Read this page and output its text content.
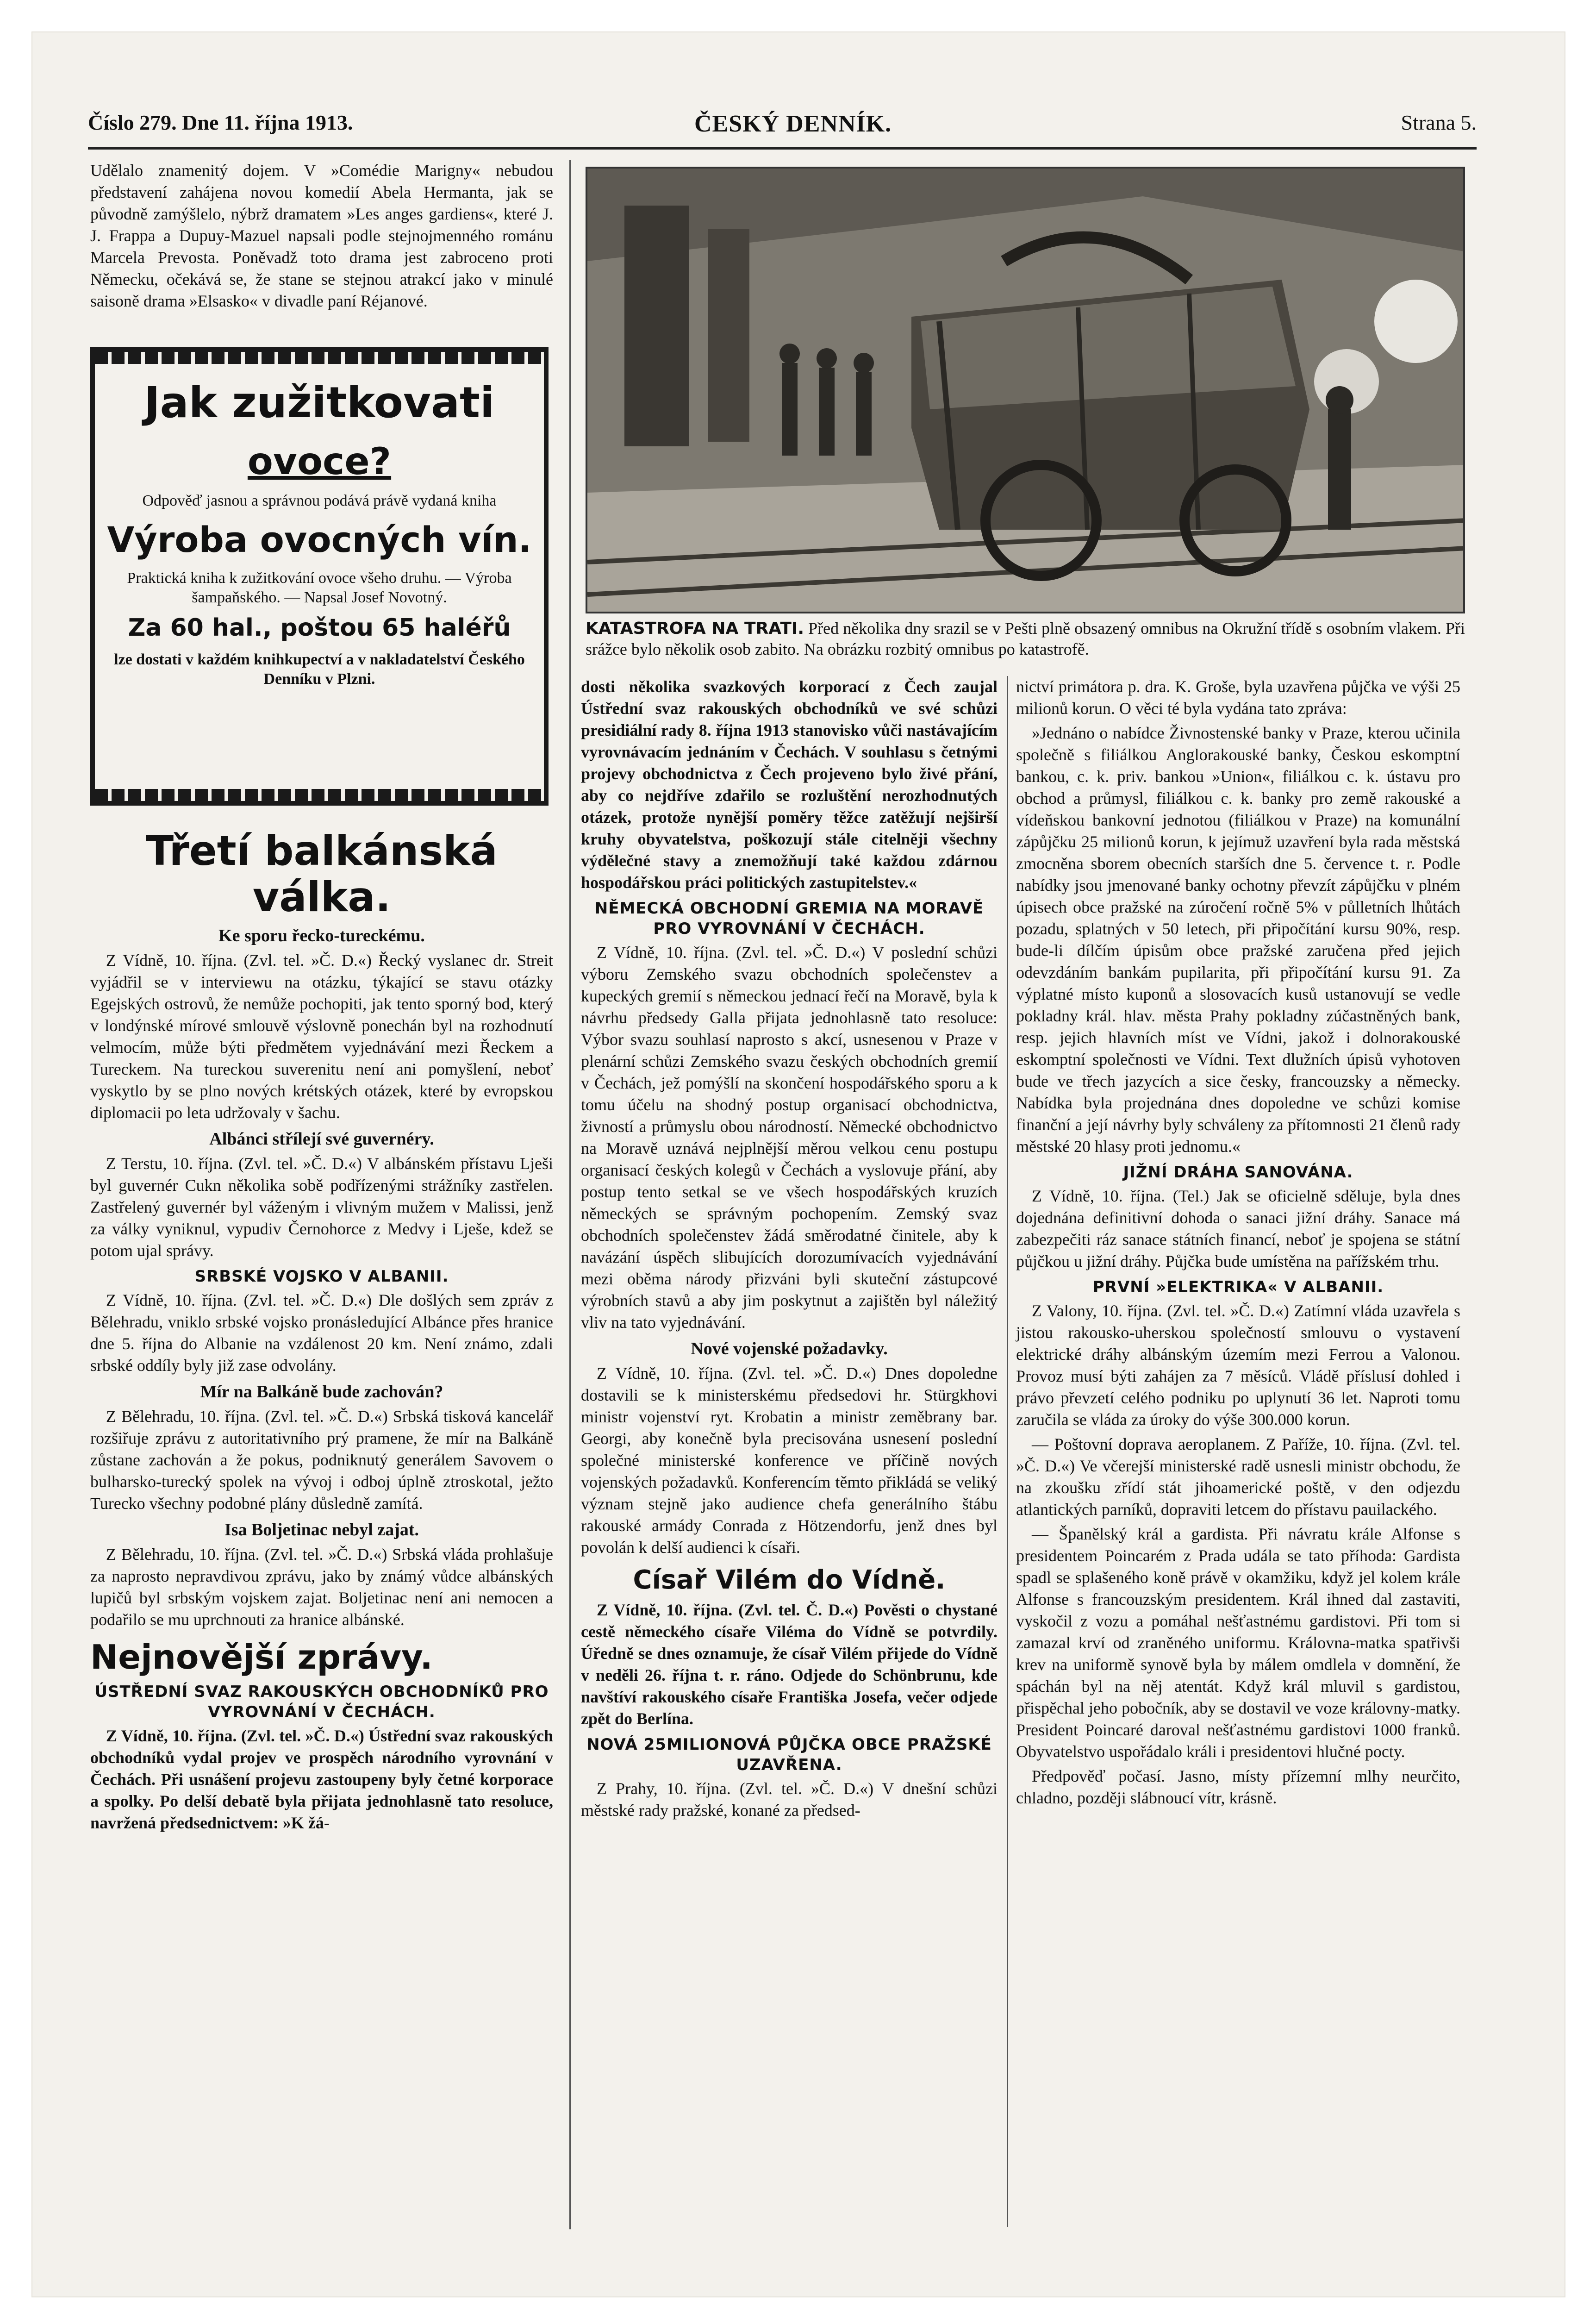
Číslo 279. Dne 11. října 1913.	ČESKÝ DENNÍK.	Strana 5.

Udělalo znamenitý dojem. V »Comédie Marigny« nebudou představení zahájena novou komedií Abela Hermanta, jak se původně zamýšlelo, nýbrž dramatem »Les anges gardiens«, které J. J. Frappa a Dupuy-Mazuel napsali podle stejnojmenného románu Marcela Prevosta. Poněvadž toto drama jest zabroceno proti Německu, očekává se, že stane se stejnou atrakcí jako v minulé saisoně drama »Elsasko« v divadle paní Réjanové.

Jak zužitkovati
ovoce?
Odpověď jasnou a správnou podává právě vydaná kniha
Výroba ovocných vín.
Praktická kniha k zužitkování ovoce všeho druhu. — Výroba šampaňského. — Napsal Josef Novotný.
Za 60 hal., poštou 65 haléřů
lze dostati v každém knihkupectví a v nakladatelství Českého Denníku v Plzni.
Třetí balkánská válka.
Ke sporu řecko-tureckému.

Z Vídně, 10. října. (Zvl. tel. »Č. D.«) Řecký vyslanec dr. Streit vyjádřil se v interviewu na otázku, týkající se stavu otázky Egejských ostrovů, že nemůže pochopiti, jak tento sporný bod, který v londýnské mírové smlouvě výslovně ponechán byl na rozhodnutí velmocím, může býti předmětem vyjednávání mezi Řeckem a Tureckem. Na tureckou suverenitu není ani pomyšlení, neboť vyskytlo by se plno nových krétských otázek, které by evropskou diplomacii po leta udržovaly v šachu.

Albánci střílejí své guvernéry.

Z Terstu, 10. října. (Zvl. tel. »Č. D.«) V albánském přístavu Lješi byl guvernér Cukn několika sobě podřízenými strážníky zastřelen. Zastřelený guvernér byl váženým i vlivným mužem v Malissi, jenž za války vyniknul, vypudiv Černohorce z Medvy i Lješe, kdež se potom ujal správy.

SRBSKÉ VOJSKO V ALBANII.

Z Vídně, 10. října. (Zvl. tel. »Č. D.«) Dle došlých sem zpráv z Bělehradu, vniklo srbské vojsko pronásledující Albánce přes hranice dne 5. října do Albanie na vzdálenost 20 km. Není známo, zdali srbské oddíly byly již zase odvolány.

Mír na Balkáně bude zachován?

Z Bělehradu, 10. října. (Zvl. tel. »Č. D.«) Srbská tisková kancelář rozšiřuje zprávu z autoritativního prý pramene, že mír na Balkáně zůstane zachován a že pokus, podniknutý generálem Savovem o bulharsko-turecký spolek na vývoj i odboj úplně ztroskotal, ježto Turecko všechny podobné plány důsledně zamítá.

Isa Boljetinac nebyl zajat.

Z Bělehradu, 10. října. (Zvl. tel. »Č. D.«) Srbská vláda prohlašuje za naprosto nepravdivou zprávu, jako by známý vůdce albánských lupičů byl srbským vojskem zajat. Boljetinac není ani nemocen a podařilo se mu uprchnouti za hranice albánské.

Nejnovější zprávy.
ÚSTŘEDNÍ SVAZ RAKOUSKÝCH OBCHODNÍKŮ PRO VYROVNÁNÍ V ČECHÁCH.

Z Vídně, 10. října. (Zvl. tel. »Č. D.«) Ústřední svaz rakouských obchodníků vydal projev ve prospěch národního vyrovnání v Čechách. Při usnášení projevu zastoupeny byly četné korporace a spolky. Po delší debatě byla přijata jednohlasně tato resoluce, navržená předsednictvem: »K žá-

KATASTROFA NA TRATI. Před několika dny srazil se v Pešti plně obsazený omnibus na Okružní třídě s osobním vlakem. Při srážce bylo několik osob zabito. Na obrázku rozbitý omnibus po katastrofě.

dosti několika svazkových korporací z Čech zaujal Ústřední svaz rakouských obchodníků ve své schůzi presidiální rady 8. října 1913 stanovisko vůči nastávajícím vyrovnávacím jednáním v Čechách. V souhlasu s četnými projevy obchodnictva z Čech projeveno bylo živé přání, aby co nejdříve zdařilo se rozluštění nerozhodnutých otázek, protože nynější poměry těžce zatěžují nejširší kruhy obyvatelstva, poškozují stále citelněji všechny výdělečné stavy a znemožňují také každou zdárnou hospodářskou práci politických zastupitelstev.«

NĚMECKÁ OBCHODNÍ GREMIA NA MORAVĚ PRO VYROVNÁNÍ V ČECHÁCH.

Z Vídně, 10. října. (Zvl. tel. »Č. D.«) V poslední schůzi výboru Zemského svazu obchodních společenstev a kupeckých gremií s německou jednací řečí na Moravě, byla k návrhu předsedy Galla přijata jednohlasně tato resoluce: Výbor svazu souhlasí naprosto s akcí, usnesenou v Praze v plenární schůzi Zemského svazu českých obchodních gremií v Čechách, jež pomýšlí na skončení hospodářského sporu a k tomu účelu na shodný postup organisací obchodnictva, živností a průmyslu obou národností. Německé obchodnictvo na Moravě uznává nejplnější měrou velkou cenu postupu organisací českých kolegů v Čechách a vyslovuje přání, aby postup tento setkal se ve všech hospodářských kruzích německých se správným pochopením. Zemský svaz obchodních společenstev žádá směrodatné činitele, aby k navázání úspěch slibujících dorozumívacích vyjednávání mezi oběma národy přizváni byli skuteční zástupcové výrobních stavů a aby jim poskytnut a zajištěn byl náležitý vliv na tato vyjednávání.

Nové vojenské požadavky.

Z Vídně, 10. října. (Zvl. tel. »Č. D.«) Dnes dopoledne dostavili se k ministerskému předsedovi hr. Stürgkhovi ministr vojenství ryt. Krobatin a ministr zeměbrany bar. Georgi, aby konečně byla precisována usnesení poslední společné ministerské konference ve příčině nových vojenských požadavků. Konferencím těmto přikládá se veliký význam stejně jako audience chefa generálního štábu rakouské armády Conrada z Hötzendorfu, jenž dnes byl povolán k delší audienci k císaři.

Císař Vilém do Vídně.

Z Vídně, 10. října. (Zvl. tel. Č. D.«) Pověsti o chystané cestě německého císaře Viléma do Vídně se potvrdily. Úředně se dnes oznamuje, že císař Vilém přijede do Vídně v neděli 26. října t. r. ráno. Odjede do Schönbrunu, kde navštíví rakouského císaře Františka Josefa, večer odjede zpět do Berlína.

NOVÁ 25MILIONOVÁ PŮJČKA OBCE PRAŽSKÉ UZAVŘENA.

Z Prahy, 10. října. (Zvl. tel. »Č. D.«) V dnešní schůzi městské rady pražské, konané za předsed-

nictví primátora p. dra. K. Groše, byla uzavřena půjčka ve výši 25 milionů korun. O věci té byla vydána tato zpráva:

»Jednáno o nabídce Živnostenské banky v Praze, kterou učinila společně s filiálkou Anglorakouské banky, Českou eskomptní bankou, c. k. priv. bankou »Union«, filiálkou c. k. ústavu pro obchod a průmysl, filiálkou c. k. banky pro země rakouské a vídeňskou bankovní jednotou (filiálkou v Praze) na komunální zápůjčku 25 milionů korun, k jejímuž uzavření byla rada městská zmocněna sborem obecních starších dne 5. července t. r. Podle nabídky jsou jmenované banky ochotny převzít zápůjčku v plném úpisech obce pražské na zúročení ročně 5% v půlletních lhůtách pozadu, splatných v 50 letech, při připočítání kursu 90%, resp. bude-li dílčím úpisům obce pražské zaručena před jejich odevzdáním bankám pupilarita, při připočítání kursu 91. Za výplatné místo kuponů a slosovacích kusů ustanovují se vedle pokladny král. hlav. města Prahy pokladny zúčastněných bank, resp. jejich hlavních míst ve Vídni, jakož i dolnorakouské eskomptní společnosti ve Vídni. Text dlužních úpisů vyhotoven bude ve třech jazycích a sice česky, francouzsky a německy. Nabídka byla projednána dnes dopoledne ve schůzi komise finanční a její návrhy byly schváleny za přítomnosti 21 členů rady městské 20 hlasy proti jednomu.«

JIŽNÍ DRÁHA SANOVÁNA.

Z Vídně, 10. října. (Tel.) Jak se oficielně sděluje, byla dnes dojednána definitivní dohoda o sanaci jižní dráhy. Sanace má zabezpečiti ráz sanace státních financí, neboť je spojena se státní půjčkou u jižní dráhy. Půjčka bude umístěna na pařížském trhu.

PRVNÍ »ELEKTRIKA« V ALBANII.

Z Valony, 10. října. (Zvl. tel. »Č. D.«) Zatímní vláda uzavřela s jistou rakousko-uherskou společností smlouvu o vystavení elektrické dráhy albánským územím mezi Ferrou a Valonou. Provoz musí býti zahájen za 7 měsíců. Vládě příslusí dohled i právo převzetí celého podniku po uplynutí 36 let. Naproti tomu zaručila se vláda za úroky do výše 300.000 korun.

— Poštovní doprava aeroplanem. Z Paříže, 10. října. (Zvl. tel. »Č. D.«) Ve včerejší ministerské radě usnesli ministr obchodu, že na zkoušku zřídí stát jihoamerické poště, v den odjezdu atlantických parníků, dopraviti letcem do přístavu pauilackého.

— Španělský král a gardista. Při návratu krále Alfonse s presidentem Poincarém z Prada udála se tato příhoda: Gardista spadl se splašeného koně právě v okamžiku, když jel kolem krále Alfonse s francouzským presidentem. Král ihned dal zastaviti, vyskočil z vozu a pomáhal nešťastnému gardistovi. Při tom si zamazal krví od zraněného uniformu. Královna-matka spatřivši krev na uniformě synově byla by málem omdlela v domnění, že spáchán byl na něj atentát. Když král mluvil s gardistou, přispěchal jeho pobočník, aby se dostavil ve voze královny-matky. President Poincaré daroval nešťastnému gardistovi 1000 franků. Obyvatelstvo uspořádalo králi i presidentovi hlučné pocty.

Předpověď počasí. Jasno, místy přízemní mlhy neurčito, chladno, později slábnoucí vítr, krásně.
